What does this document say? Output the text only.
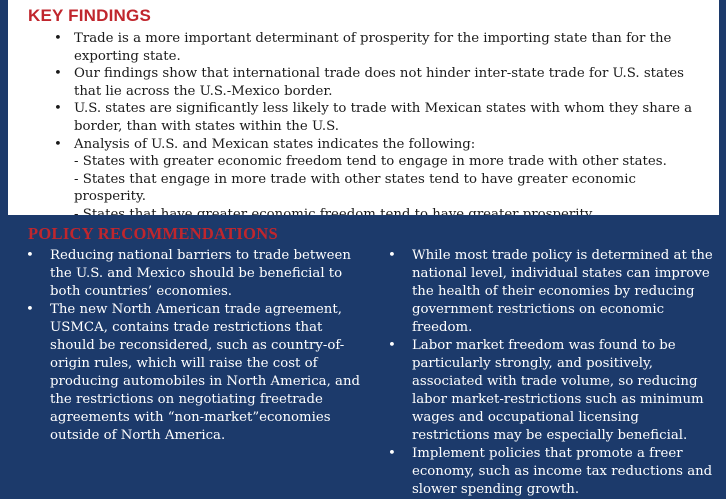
KEY FINDINGS
• Trade is a more important determinant of prosperity for the importing state than for the exporting state.
• Our findings show that international trade does not hinder inter-state trade for U.S. states that lie across the U.S.-Mexico border.
• U.S. states are significantly less likely to trade with Mexican states with whom they share a border, than with states within the U.S.
• Analysis of U.S. and Mexican states indicates the following:
- States with greater economic freedom tend to engage in more trade with other states.
- States that engage in more trade with other states tend to have greater economic prosperity.
POLICY RECOMMENDATIONS
• Reducing national barriers to trade between the U.S. and Mexico should be beneficial to both countries’ economies.
• The new North American trade agreement, USMCA, contains trade restrictions that should be reconsidered, such as country-of-origin rules, which will raise the cost of producing automobiles in North America, and the restrictions on negotiating freetrade agreements with “non-market”economies outside of North America.
• While most trade policy is determined at the national level, individual states can improve the health of their economies by reducing government restrictions on economic freedom.
• Labor market freedom was found to be particularly strongly, and positively, associated with trade volume, so reducing labor market-restrictions such as minimum wages and occupational licensing restrictions may be especially beneficial.
• Implement policies that promote a freer economy, such as income tax reductions and slower spending growth.
